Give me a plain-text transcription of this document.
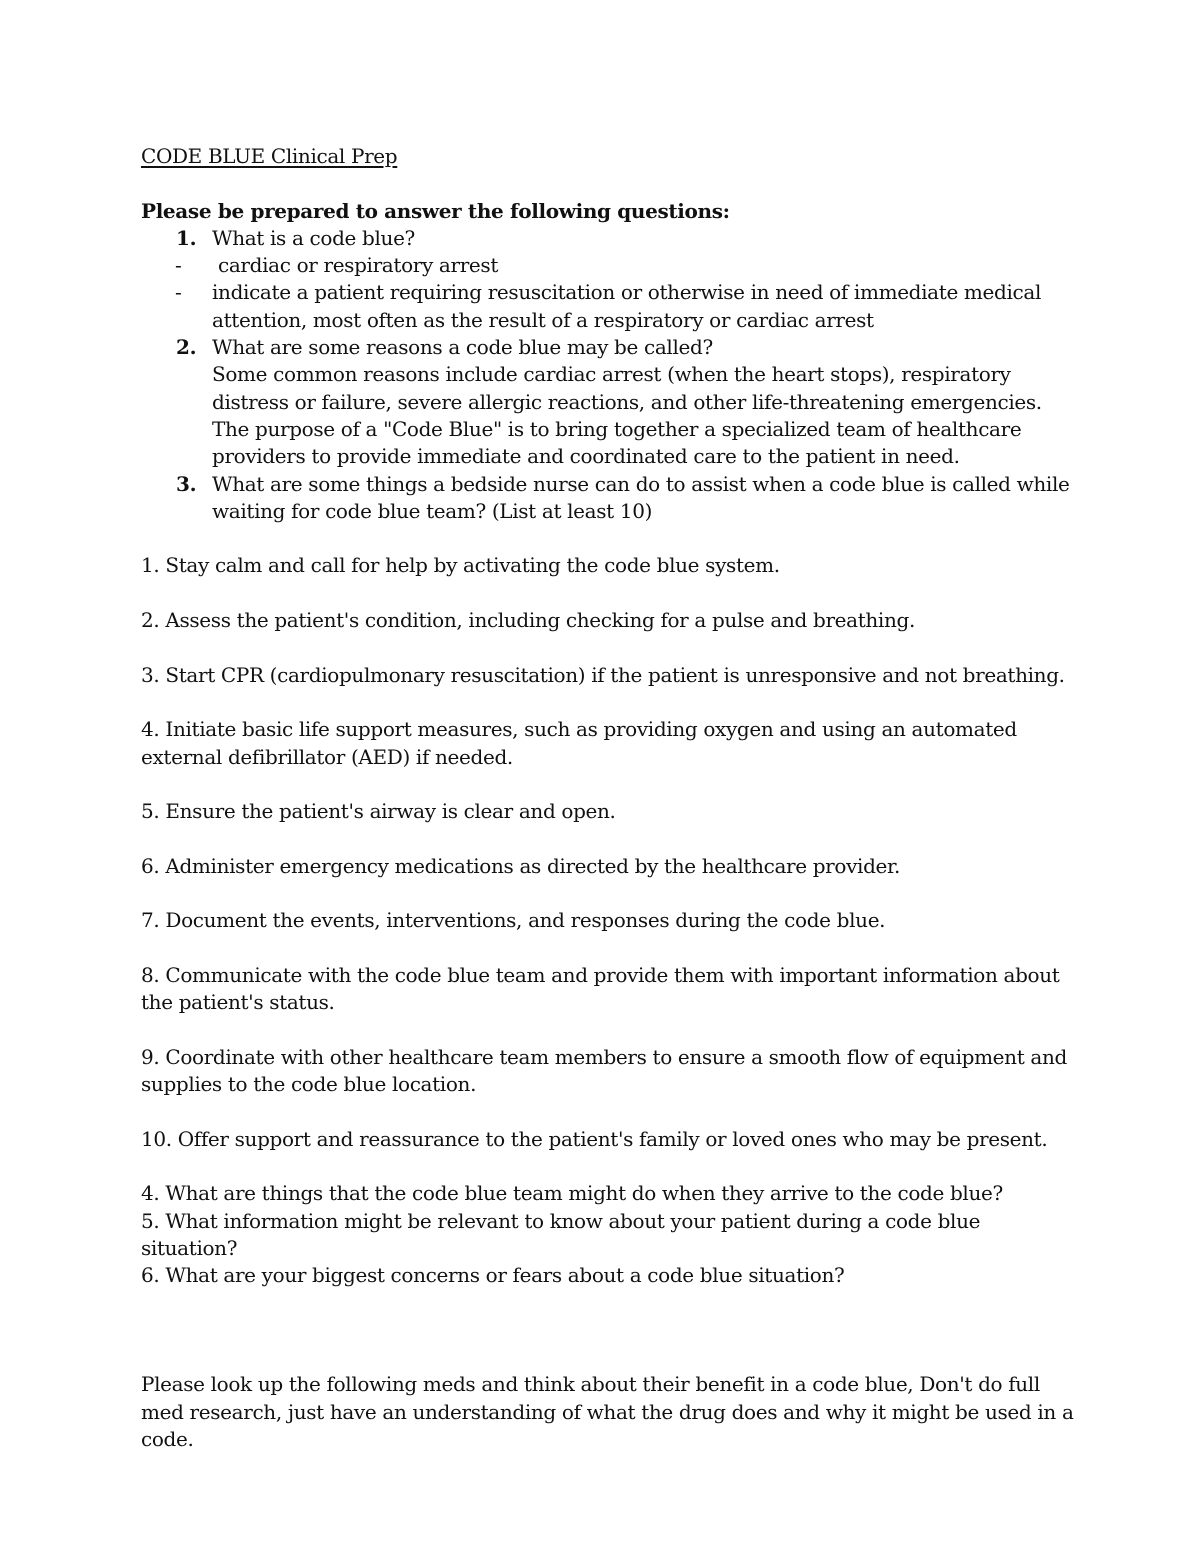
CODE BLUE Clinical Prep

Please be prepared to answer the following questions:

1. What is a code blue?
-	cardiac or respiratory arrest
-	indicate a patient requiring resuscitation or otherwise in need of immediate medical attention, most often as the result of a respiratory or cardiac arrest
2. What are some reasons a code blue may be called?
Some common reasons include cardiac arrest (when the heart stops), respiratory distress or failure, severe allergic reactions, and other life-threatening emergencies. The purpose of a "Code Blue" is to bring together a specialized team of healthcare providers to provide immediate and coordinated care to the patient in need.
3. What are some things a bedside nurse can do to assist when a code blue is called while waiting for code blue team? (List at least 10)

1. Stay calm and call for help by activating the code blue system.

2. Assess the patient's condition, including checking for a pulse and breathing.

3. Start CPR (cardiopulmonary resuscitation) if the patient is unresponsive and not breathing.

4. Initiate basic life support measures, such as providing oxygen and using an automated external defibrillator (AED) if needed.

5. Ensure the patient's airway is clear and open.

6. Administer emergency medications as directed by the healthcare provider.

7. Document the events, interventions, and responses during the code blue.

8. Communicate with the code blue team and provide them with important information about the patient's status.

9. Coordinate with other healthcare team members to ensure a smooth flow of equipment and supplies to the code blue location.

10. Offer support and reassurance to the patient's family or loved ones who may be present.

4. What are things that the code blue team might do when they arrive to the code blue?

5. What information might be relevant to know about your patient during a code blue situation?

6. What are your biggest concerns or fears about a code blue situation?

Please look up the following meds and think about their benefit in a code blue, Don't do full med research, just have an understanding of what the drug does and why it might be used in a code.
